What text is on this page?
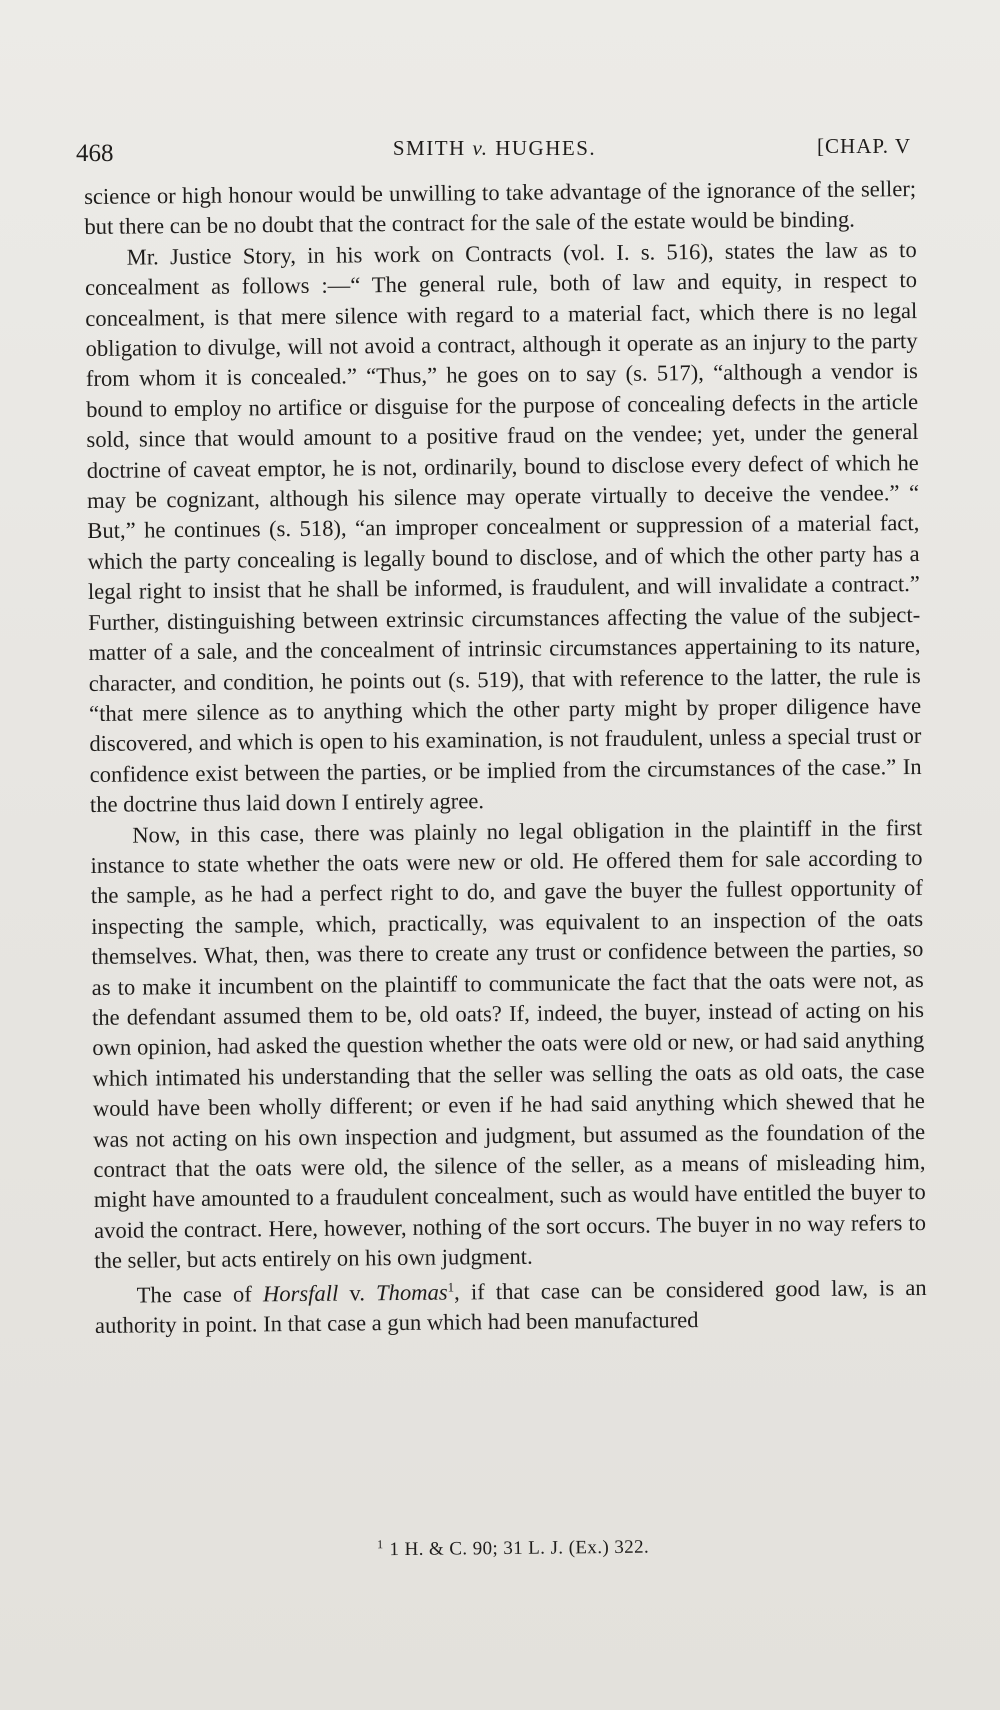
468	SMITH v. HUGHES.	[CHAP. V

science or high honour would be unwilling to take advantage of the ignorance of the seller; but there can be no doubt that the contract for the sale of the estate would be binding.

Mr. Justice Story, in his work on Contracts (vol. I. s. 516), states the law as to concealment as follows :—“ The general rule, both of law and equity, in respect to concealment, is that mere silence with regard to a material fact, which there is no legal obligation to divulge, will not avoid a contract, although it operate as an injury to the party from whom it is concealed.” “Thus,” he goes on to say (s. 517), “although a vendor is bound to employ no artifice or disguise for the purpose of concealing defects in the article sold, since that would amount to a positive fraud on the vendee; yet, under the general doctrine of caveat emptor, he is not, ordinarily, bound to disclose every defect of which he may be cognizant, although his silence may operate virtually to deceive the vendee.” “ But,” he continues (s. 518), “an improper concealment or suppression of a material fact, which the party concealing is legally bound to disclose, and of which the other party has a legal right to insist that he shall be informed, is fraudulent, and will invalidate a contract.” Further, distinguishing between extrinsic circumstances affecting the value of the subject-matter of a sale, and the concealment of intrinsic circumstances appertaining to its nature, character, and condition, he points out (s. 519), that with reference to the latter, the rule is “that mere silence as to anything which the other party might by proper diligence have discovered, and which is open to his examination, is not fraudulent, unless a special trust or confidence exist between the parties, or be implied from the circumstances of the case.” In the doctrine thus laid down I entirely agree.

Now, in this case, there was plainly no legal obligation in the plaintiff in the first instance to state whether the oats were new or old. He offered them for sale according to the sample, as he had a perfect right to do, and gave the buyer the fullest opportunity of inspecting the sample, which, practically, was equivalent to an inspection of the oats themselves. What, then, was there to create any trust or confidence between the parties, so as to make it incumbent on the plaintiff to communicate the fact that the oats were not, as the defendant assumed them to be, old oats? If, indeed, the buyer, instead of acting on his own opinion, had asked the question whether the oats were old or new, or had said anything which intimated his understanding that the seller was selling the oats as old oats, the case would have been wholly different; or even if he had said anything which shewed that he was not acting on his own inspection and judgment, but assumed as the foundation of the contract that the oats were old, the silence of the seller, as a means of misleading him, might have amounted to a fraudulent concealment, such as would have entitled the buyer to avoid the contract. Here, however, nothing of the sort occurs. The buyer in no way refers to the seller, but acts entirely on his own judgment.

The case of Horsfall v. Thomas$^1$, if that case can be considered good law, is an authority in point. In that case a gun which had been manufactured

$^1$ 1 H. & C. 90; 31 L. J. (Ex.) 322.
